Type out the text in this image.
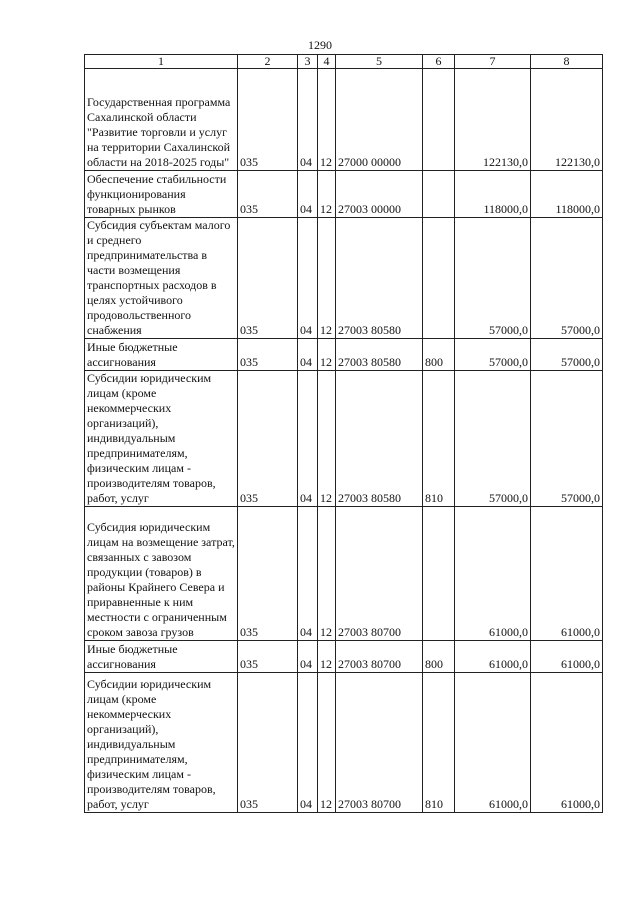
1290
1	2	3	4	5	6	7	8
Государственная программа Сахалинской области "Развитие торговли и услуг на территории Сахалинской области на 2018-2025 годы"	035	04	12	27000 00000		122130,0	122130,0
Обеспечение стабильности функционирования товарных рынков	035	04	12	27003 00000		118000,0	118000,0
Субсидия субъектам малого и среднего предпринимательства в части возмещения транспортных расходов в целях устойчивого продовольственного снабжения	035	04	12	27003 80580		57000,0	57000,0
Иные бюджетные ассигнования	035	04	12	27003 80580	800	57000,0	57000,0
Субсидии юридическим лицам (кроме некоммерческих организаций), индивидуальным предпринимателям, физическим лицам - производителям товаров, работ, услуг	035	04	12	27003 80580	810	57000,0	57000,0
Субсидия юридическим лицам на возмещение затрат, связанных с завозом продукции (товаров) в районы Крайнего Севера и приравненные к ним местности с ограниченным сроком завоза грузов	035	04	12	27003 80700		61000,0	61000,0
Иные бюджетные ассигнования	035	04	12	27003 80700	800	61000,0	61000,0
Субсидии юридическим лицам (кроме некоммерческих организаций), индивидуальным предпринимателям, физическим лицам - производителям товаров, работ, услуг	035	04	12	27003 80700	810	61000,0	61000,0
